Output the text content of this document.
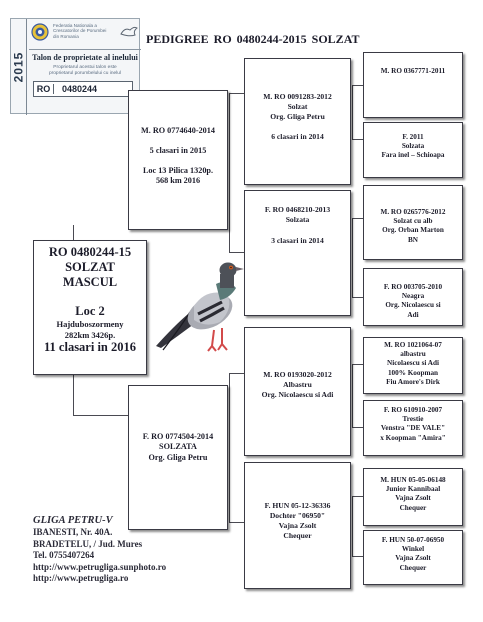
2015
Federatia Nationala a
Crescatorilor de Porumbei
din Romania
Talon de proprietate al inelului
Proprietarul acestui talon este
proprietarul porumbelului cu inelul
RO	0480244
PEDIGREE RO 0480244-2015 SOLZAT
RO 0480244-15
SOLZAT
MASCUL
Loc 2
Hajduboszormeny
282km 3426p.
11 clasari in 2016
M. RO 0774640-2014
5 clasari in 2015
Loc 13 Pilica 1320p.
568 km 2016
F. RO 0774504-2014
SOLZATA
Org. Gliga Petru
M. RO 0091283-2012
Solzat
Org. Gliga Petru
6 clasari in 2014
F. RO 0468210-2013
Solzata
3 clasari in 2014
M. RO 0193020-2012
Albastru
Org. Nicolaescu si Adi
F. HUN 05-12-36336
Dochter "06950"
Vajna Zsolt
Chequer
M. RO 0367771-2011
F. 2011
Solzata
Fara inel – Schioapa
M. RO 0265776-2012
Solzat cu alb
Org. Orban Marton
BN
F. RO 003705-2010
Neagra
Org. Nicolaescu si
Adi
M. RO 1021064-07
albastru
Nicolaescu si Adi
100% Koopman
Fiu Amore's Dirk
F. RO 610910-2007
Trestie
Venstra "DE VALE"
x Koopman "Amira"
M. HUN 05-05-06148
Junior Kannibaal
Vajna Zsolt
Chequer
F. HUN 50-07-06950
Winkel
Vajna Zsolt
Chequer
GLIGA PETRU-V
IBANESTI, Nr. 40A.
BRADETELU, / Jud. Mures
Tel. 0755407264
http://www.petrugliga.sunphoto.ro
http://www.petrugliga.ro
